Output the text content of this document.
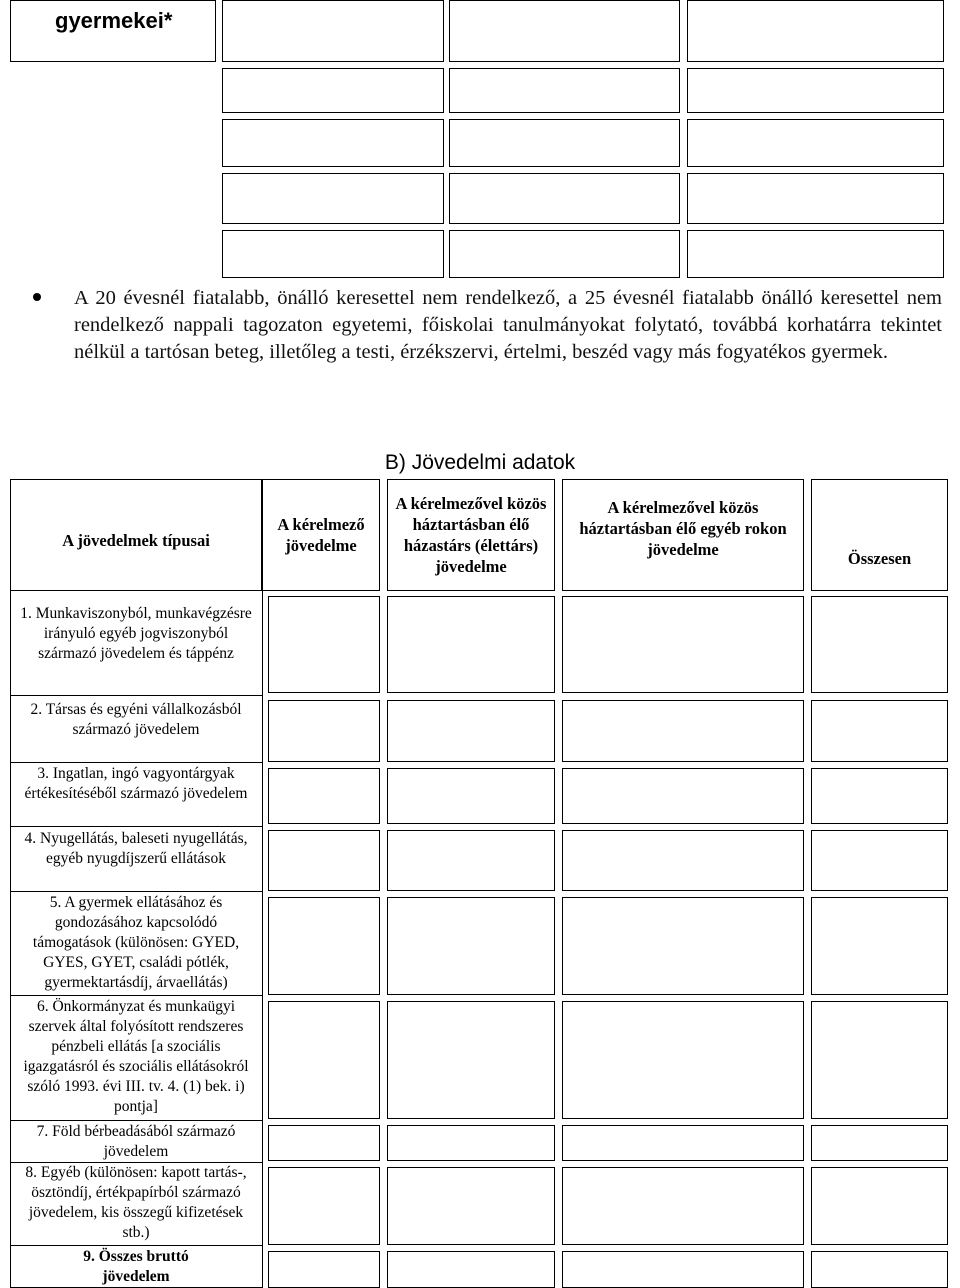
gyermekei*
A 20 évesnél fiatalabb, önálló keresettel nem rendelkező, a 25 évesnél fiatalabb önálló keresettel nem rendelkező nappali tagozaton egyetemi, főiskolai tanulmányokat folytató, továbbá korhatárra tekintet nélkül a tartósan beteg, illetőleg a testi, érzékszervi, értelmi, beszéd vagy más fogyatékos gyermek.
B) Jövedelmi adatok
A jövedelmek típusai
A kérelmező jövedelme
A kérelmezővel közös háztartásban élő házastárs (élettárs) jövedelme
A kérelmezővel közös háztartásban élő egyéb rokon jövedelme	Összesen
1. Munkaviszonyból, munkavégzésre irányuló egyéb jogviszonyból származó jövedelem és táppénz
2. Társas és egyéni vállalkozásból származó jövedelem
3. Ingatlan, ingó vagyontárgyak értékesítéséből származó jövedelem
4. Nyugellátás, baleseti nyugellátás, egyéb nyugdíjszerű ellátások
5. A gyermek ellátásához és gondozásához kapcsolódó támogatások (különösen: GYED, GYES, GYET, családi pótlék, gyermektartásdíj, árvaellátás)
6. Önkormányzat és munkaügyi szervek által folyósított rendszeres pénzbeli ellátás [a szociális igazgatásról és szociális ellátásokról szóló 1993. évi III. tv. 4. (1) bek. i) pontja]
7. Föld bérbeadásából származó jövedelem
8. Egyéb (különösen: kapott tartás-, ösztöndíj, értékpapírból származó jövedelem, kis összegű kifizetések stb.)
9. Összes bruttó jövedelem
